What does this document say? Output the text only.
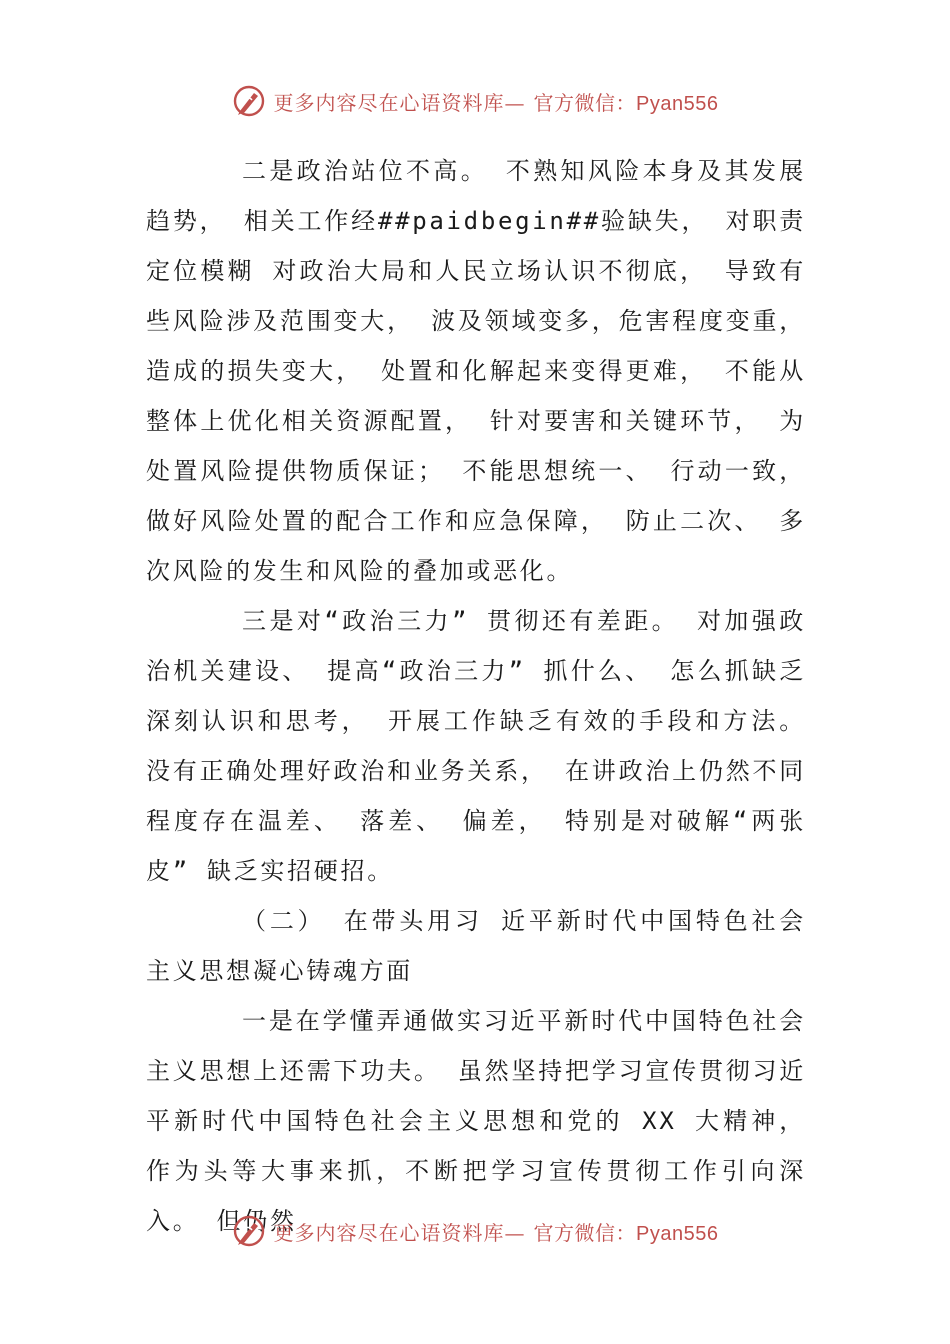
更多内容尽在心语资料库— 官方微信：Pyan556

二是政治站位不高。 不熟知风险本身及其发展趋势， 相关工作经##paidbegin##验缺失， 对职责定位模糊 对政治大局和人民立场认识不彻底， 导致有些风险涉及范围变大， 波及领域变多，危害程度变重， 造成的损失变大， 处置和化解起来变得更难， 不能从整体上优化相关资源配置， 针对要害和关键环节， 为处置风险提供物质保证； 不能思想统一、 行动一致，做好风险处置的配合工作和应急保障， 防止二次、 多次风险的发生和风险的叠加或恶化。

三是对“政治三力” 贯彻还有差距。 对加强政治机关建设、 提高“政治三力” 抓什么、 怎么抓缺乏深刻认识和思考， 开展工作缺乏有效的手段和方法。 没有正确处理好政治和业务关系， 在讲政治上仍然不同程度存在温差、 落差、 偏差， 特别是对破解“两张皮” 缺乏实招硬招。

（二） 在带头用习 近平新时代中国特色社会主义思想凝心铸魂方面

一是在学懂弄通做实习近平新时代中国特色社会主义思想上还需下功夫。 虽然坚持把学习宣传贯彻习近平新时代中国特色社会主义思想和党的 XX 大精神， 作为头等大事来抓，不断把学习宣传贯彻工作引向深入。 但仍然

更多内容尽在心语资料库— 官方微信：Pyan556
